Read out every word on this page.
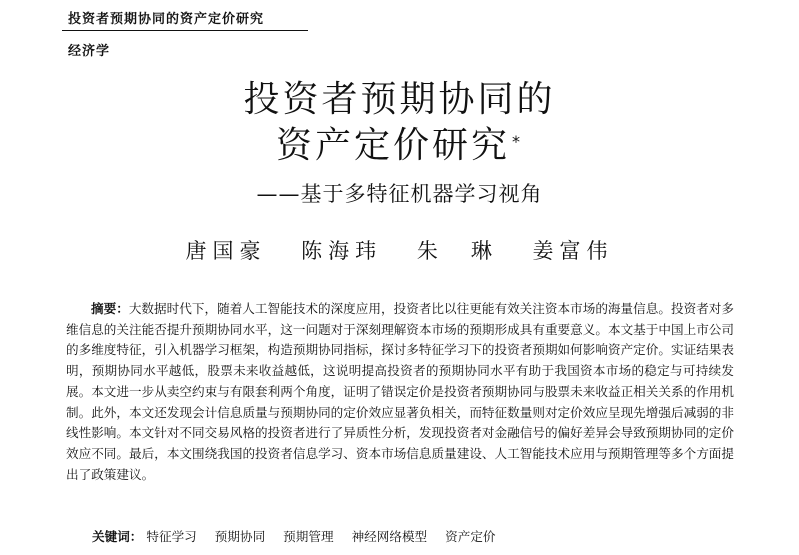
投资者预期协同的资产定价研究
经济学
投资者预期协同的
资产定价研究 *
——基于多特征机器学习视角
唐国豪 陈海玮 朱　琳 姜富伟
摘要：大数据时代下，随着人工智能技术的深度应用，投资者比以往更能有效关注资本市场的海量信息。投资者对多维信息的关注能否提升预期协同水平，这一问题对于深刻理解资本市场的预期形成具有重要意义。本文基于中国上市公司的多维度特征，引入机器学习框架，构造预期协同指标，探讨多特征学习下的投资者预期如何影响资产定价。实证结果表明，预期协同水平越低，股票未来收益越低，这说明提高投资者的预期协同水平有助于我国资本市场的稳定与可持续发展。本文进一步从卖空约束与有限套利两个角度，证明了错误定价是投资者预期协同与股票未来收益正相关关系的作用机制。此外，本文还发现会计信息质量与预期协同的定价效应显著负相关，而特征数量则对定价效应呈现先增强后减弱的非线性影响。本文针对不同交易风格的投资者进行了异质性分析，发现投资者对金融信号的偏好差异会导致预期协同的定价效应不同。最后，本文围绕我国的投资者信息学习、资本市场信息质量建设、人工智能技术应用与预期管理等多个方面提出了政策建议。
关键词： 特征学习 预期协同 预期管理 神经网络模型 资产定价
